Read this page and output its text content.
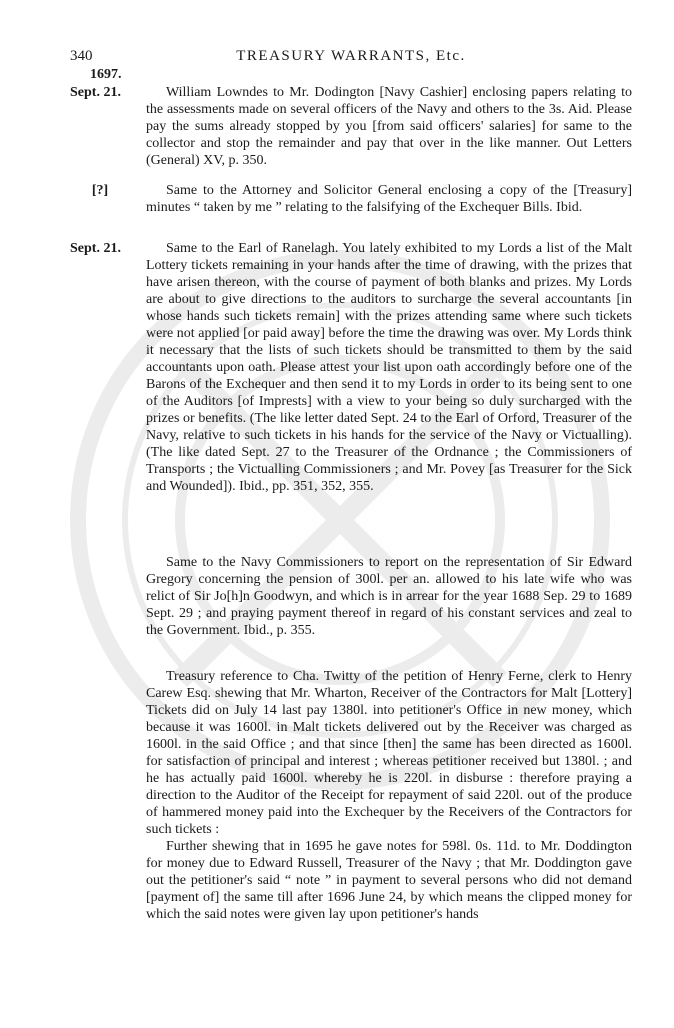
340	TREASURY WARRANTS, Etc.
1697.
Sept. 21.	William Lowndes to Mr. Dodington [Navy Cashier] enclosing papers relating to the assessments made on several officers of the Navy and others to the 3s. Aid. Please pay the sums already stopped by you [from said officers' salaries] for same to the collector and stop the remainder and pay that over in the like manner. Out Letters (General) XV, p. 350.

[?]	Same to the Attorney and Solicitor General enclosing a copy of the [Treasury] minutes “ taken by me ” relating to the falsifying of the Exchequer Bills. Ibid.

Sept. 21.	Same to the Earl of Ranelagh. You lately exhibited to my Lords a list of the Malt Lottery tickets remaining in your hands after the time of drawing, with the prizes that have arisen thereon, with the course of payment of both blanks and prizes. My Lords are about to give directions to the auditors to surcharge the several accountants [in whose hands such tickets remain] with the prizes attending same where such tickets were not applied [or paid away] before the time the drawing was over. My Lords think it necessary that the lists of such tickets should be transmitted to them by the said accountants upon oath. Please attest your list upon oath accordingly before one of the Barons of the Exchequer and then send it to my Lords in order to its being sent to one of the Auditors [of Imprests] with a view to your being so duly surcharged with the prizes or benefits. (The like letter dated Sept. 24 to the Earl of Orford, Treasurer of the Navy, relative to such tickets in his hands for the service of the Navy or Victualling). (The like dated Sept. 27 to the Treasurer of the Ordnance ; the Commissioners of Transports ; the Victualling Commissioners ; and Mr. Povey [as Treasurer for the Sick and Wounded]). Ibid., pp. 351, 352, 355.

Same to the Navy Commissioners to report on the representation of Sir Edward Gregory concerning the pension of 300l. per an. allowed to his late wife who was relict of Sir Jo[h]n Goodwyn, and which is in arrear for the year 1688 Sep. 29 to 1689 Sept. 29 ; and praying payment thereof in regard of his constant services and zeal to the Government. Ibid., p. 355.

Treasury reference to Cha. Twitty of the petition of Henry Ferne, clerk to Henry Carew Esq. shewing that Mr. Wharton, Receiver of the Contractors for Malt [Lottery] Tickets did on July 14 last pay 1380l. into petitioner's Office in new money, which because it was 1600l. in Malt tickets delivered out by the Receiver was charged as 1600l. in the said Office ; and that since [then] the same has been directed as 1600l. for satisfaction of principal and interest ; whereas petitioner received but 1380l. ; and he has actually paid 1600l. whereby he is 220l. in disburse : therefore praying a direction to the Auditor of the Receipt for repayment of said 220l. out of the produce of hammered money paid into the Exchequer by the Receivers of the Contractors for such tickets :

Further shewing that in 1695 he gave notes for 598l. 0s. 11d. to Mr. Doddington for money due to Edward Russell, Treasurer of the Navy ; that Mr. Doddington gave out the petitioner's said “ note ” in payment to several persons who did not demand [payment of] the same till after 1696 June 24, by which means the clipped money for which the said notes were given lay upon petitioner's hands
